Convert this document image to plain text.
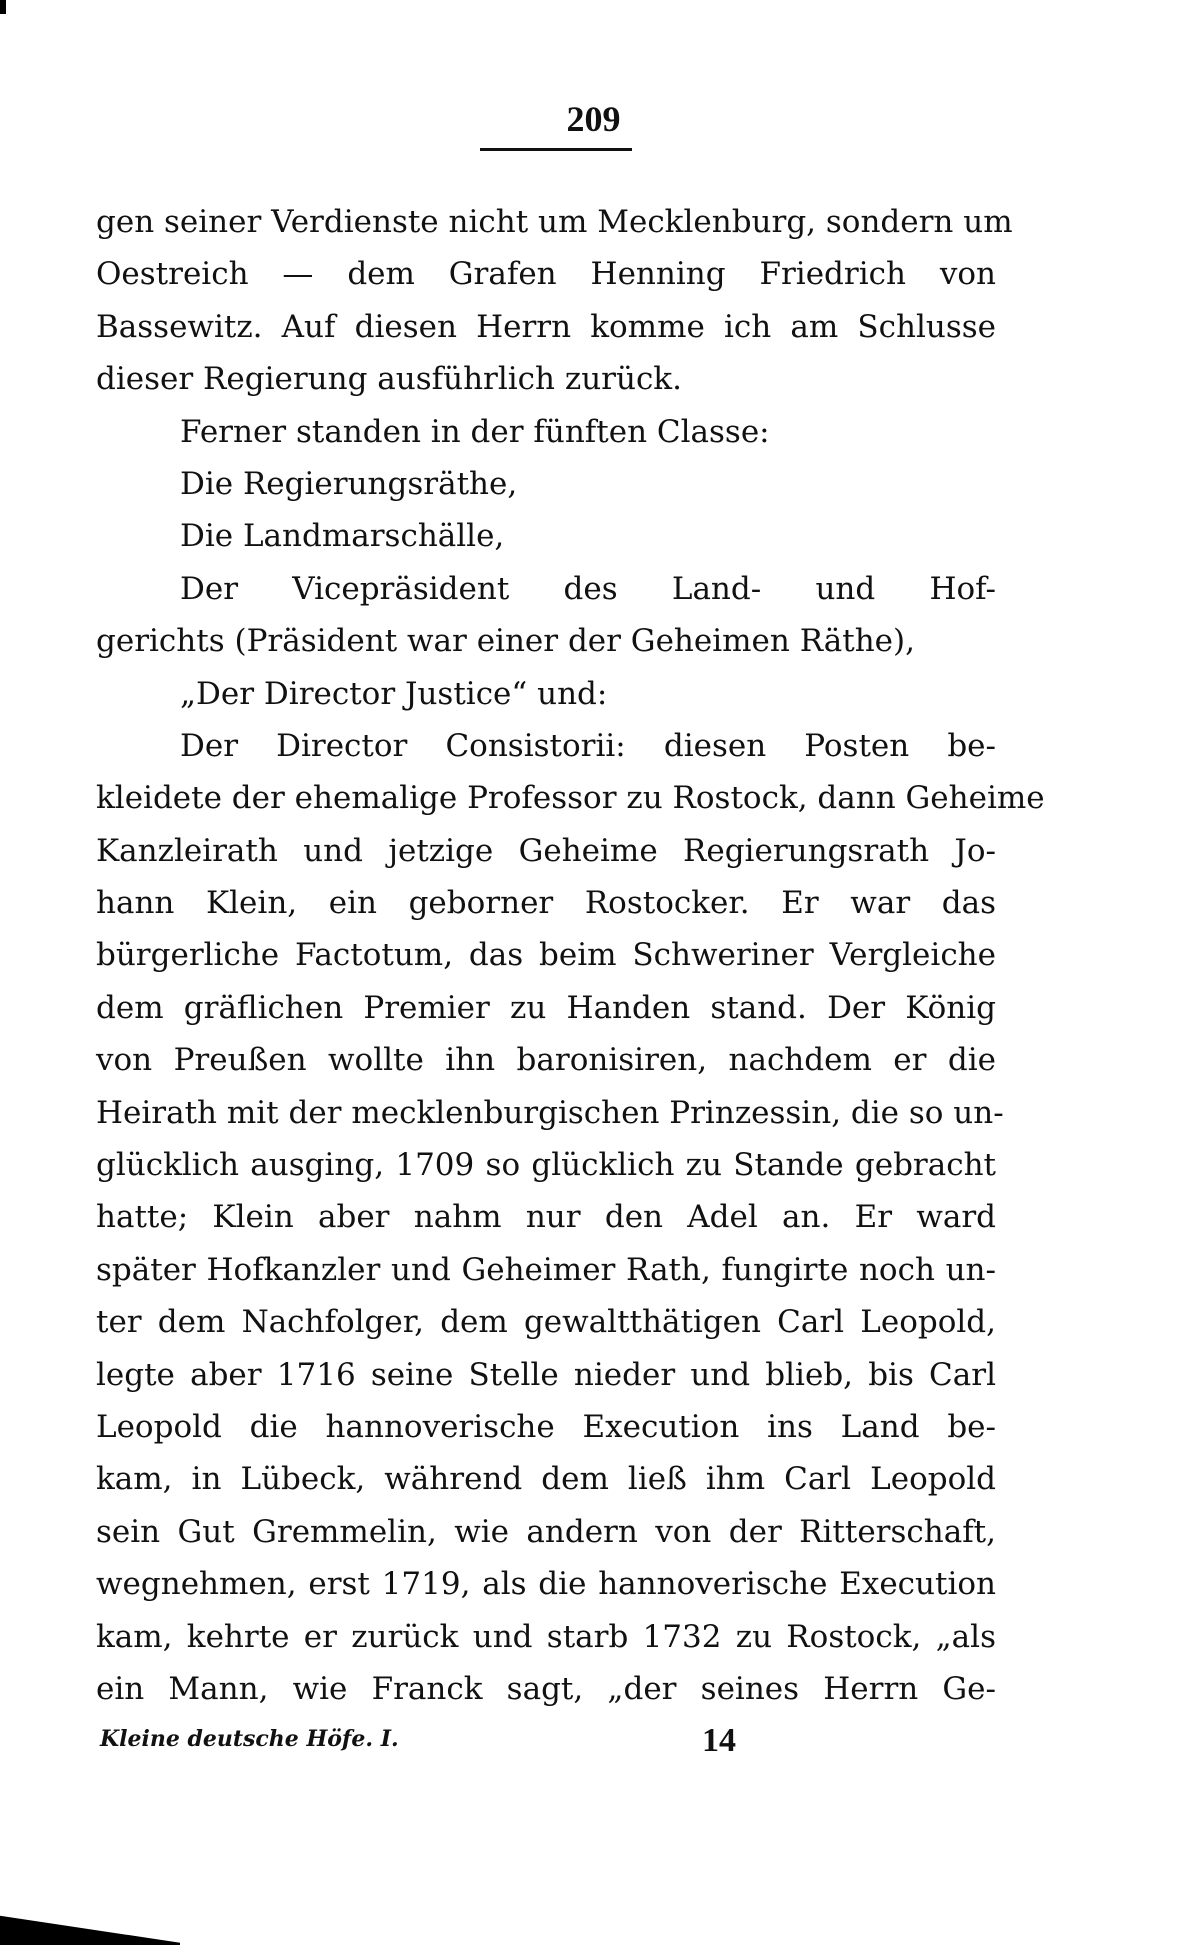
209
gen seiner Verdienste nicht um Mecklenburg, sondern um
Oestreich — dem Grafen Henning Friedrich von
Bassewitz. Auf diesen Herrn komme ich am Schlusse
dieser Regierung ausführlich zurück.
Ferner standen in der fünften Classe:
Die Regierungsräthe,
Die Landmarschälle,
Der Vicepräsident des Land- und Hof-
gerichts (Präsident war einer der Geheimen Räthe),
„Der Director Justice“ und:
Der Director Consistorii: diesen Posten be-
kleidete der ehemalige Professor zu Rostock, dann Geheime
Kanzleirath und jetzige Geheime Regierungsrath Jo-
hann Klein, ein geborner Rostocker. Er war das
bürgerliche Factotum, das beim Schweriner Vergleiche
dem gräflichen Premier zu Handen stand. Der König
von Preußen wollte ihn baronisiren, nachdem er die
Heirath mit der mecklenburgischen Prinzessin, die so un-
glücklich ausging, 1709 so glücklich zu Stande gebracht
hatte; Klein aber nahm nur den Adel an. Er ward
später Hofkanzler und Geheimer Rath, fungirte noch un-
ter dem Nachfolger, dem gewaltthätigen Carl Leopold,
legte aber 1716 seine Stelle nieder und blieb, bis Carl
Leopold die hannoverische Execution ins Land be-
kam, in Lübeck, während dem ließ ihm Carl Leopold
sein Gut Gremmelin, wie andern von der Ritterschaft,
wegnehmen, erst 1719, als die hannoverische Execution
kam, kehrte er zurück und starb 1732 zu Rostock, „als
ein Mann, wie Franck sagt, „der seines Herrn Ge-
Kleine deutsche Höfe. I.	14
